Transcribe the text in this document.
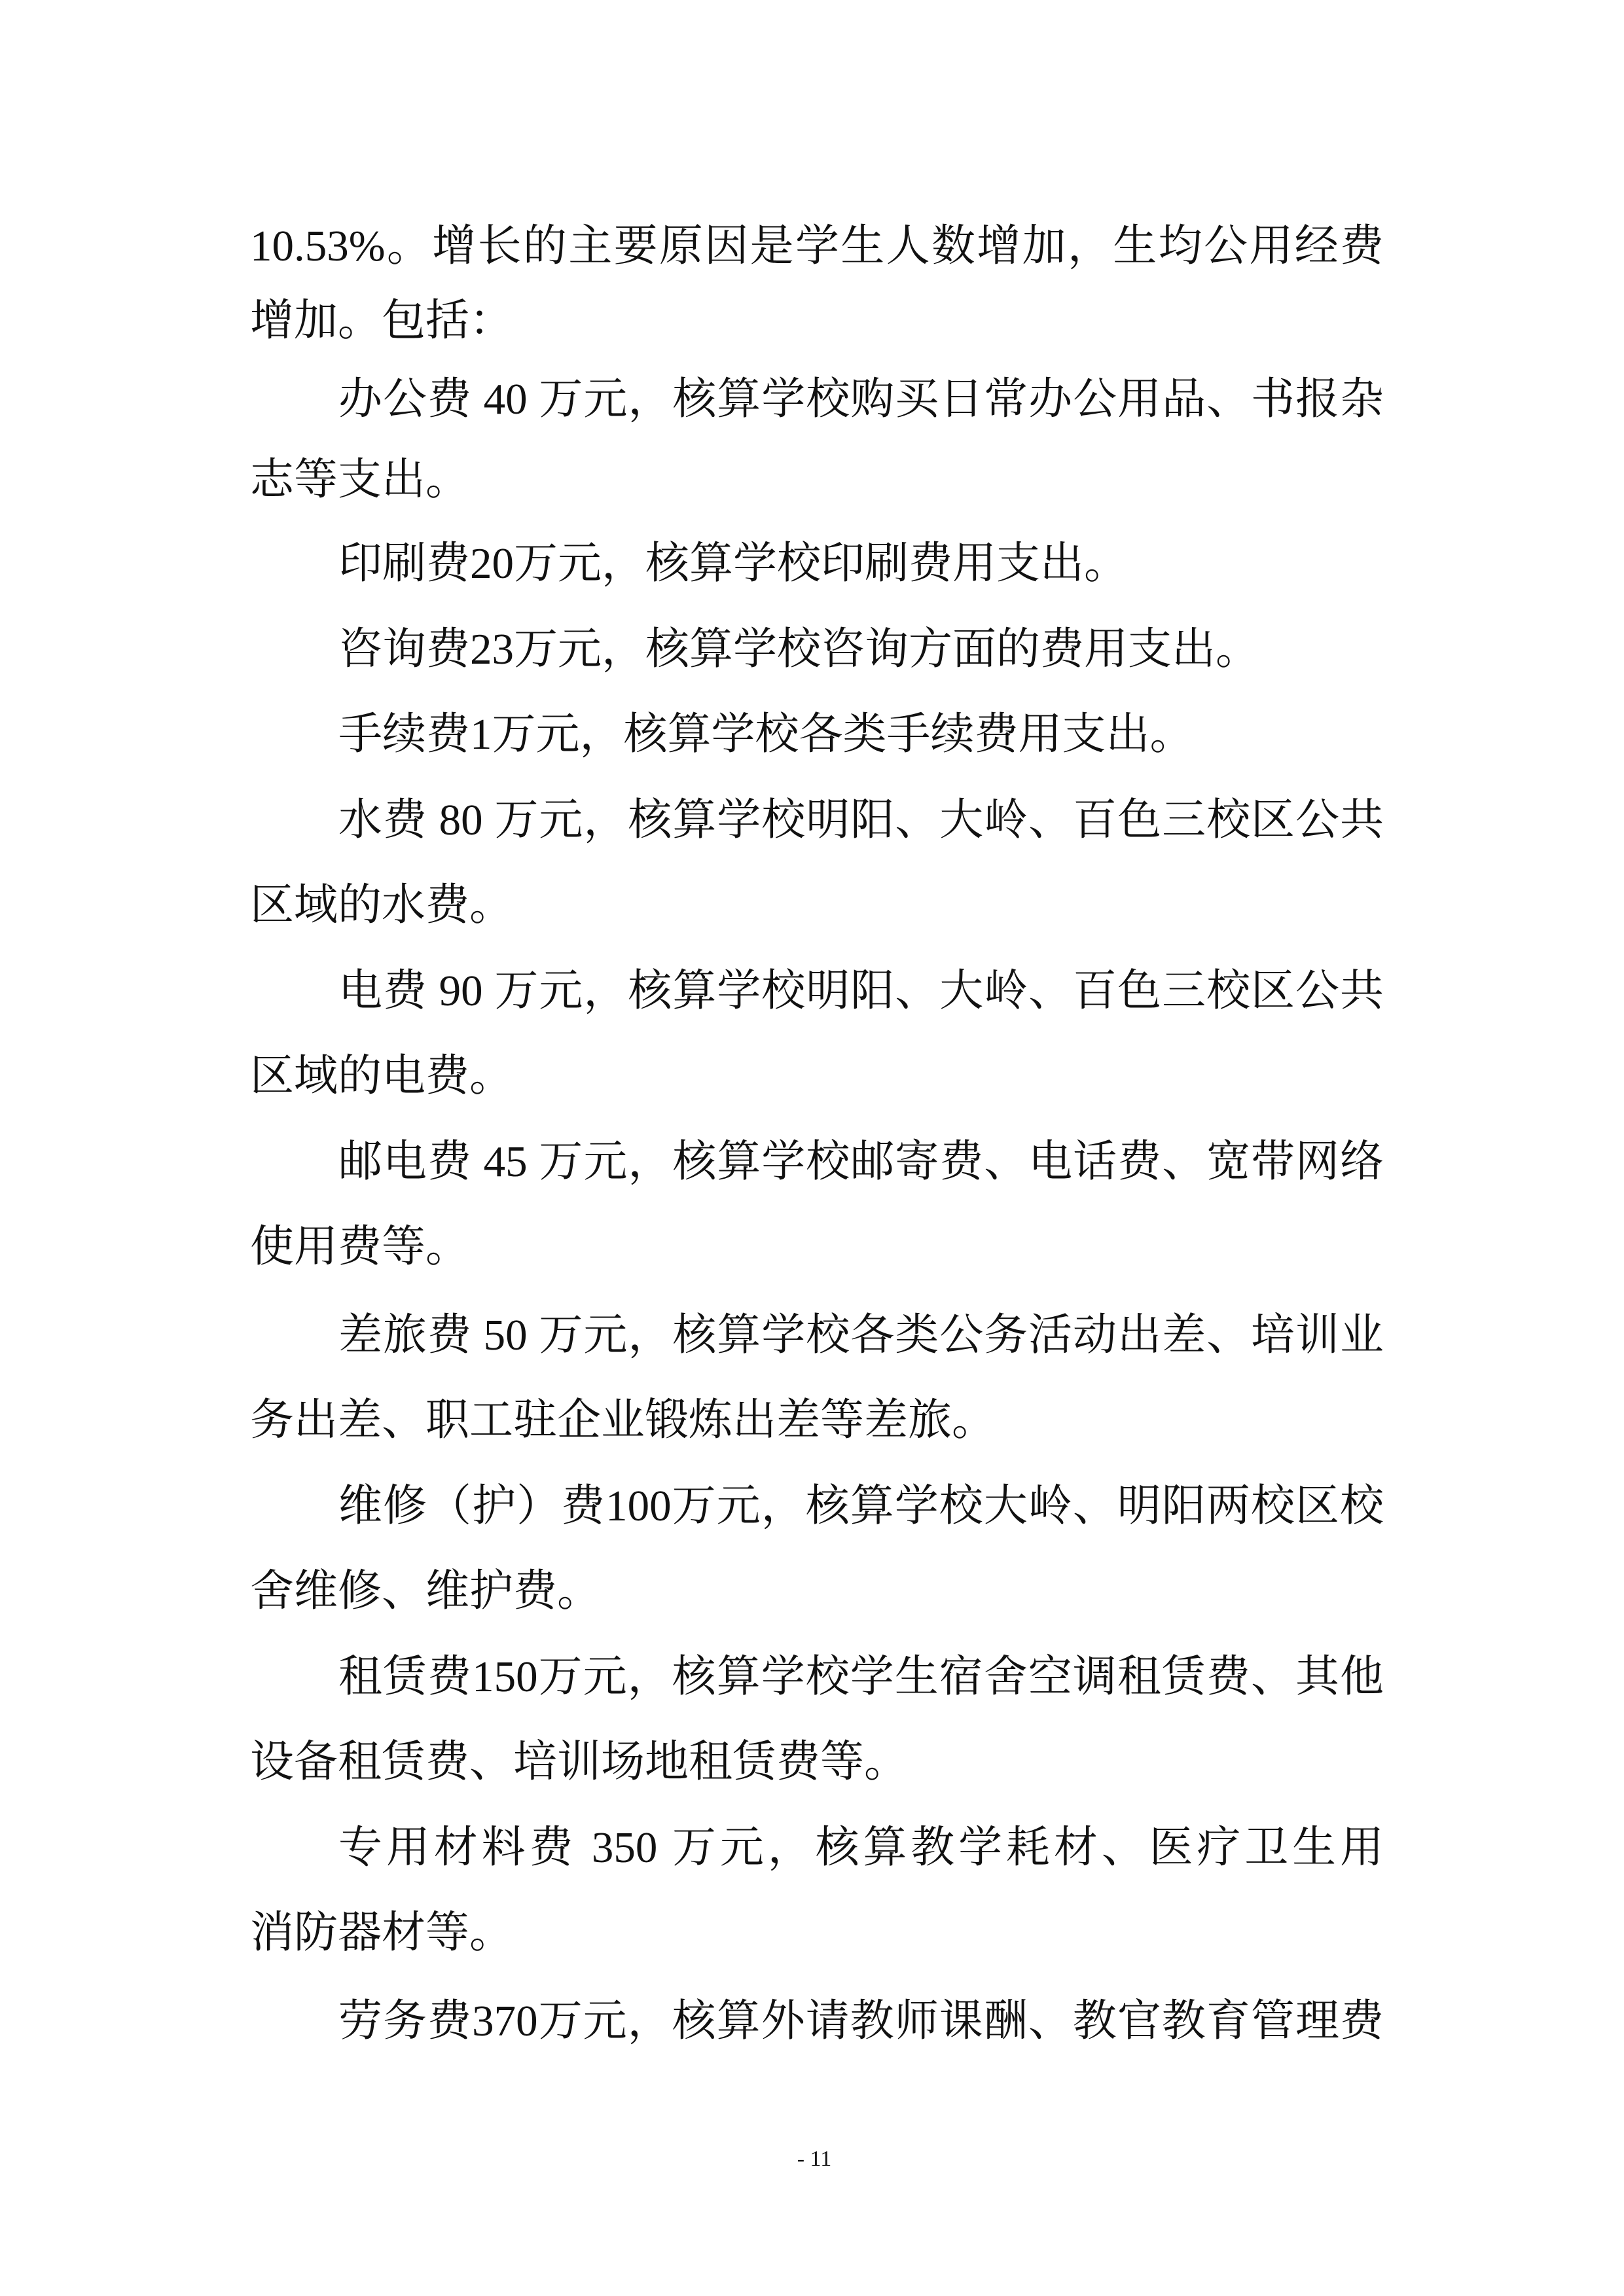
10.53%。增长的主要原因是学生人数增加，生均公用经费
增加。包括：
办公费 40 万元，核算学校购买日常办公用品、书报杂
志等支出。
印刷费20万元，核算学校印刷费用支出。
咨询费23万元，核算学校咨询方面的费用支出。
手续费1万元，核算学校各类手续费用支出。
水费 80 万元，核算学校明阳、大岭、百色三校区公共
区域的水费。
电费 90 万元，核算学校明阳、大岭、百色三校区公共
区域的电费。
邮电费 45 万元，核算学校邮寄费、电话费、宽带网络
使用费等。
差旅费 50 万元，核算学校各类公务活动出差、培训业
务出差、职工驻企业锻炼出差等差旅。
维修（护）费100万元，核算学校大岭、明阳两校区校
舍维修、维护费。
租赁费150万元，核算学校学生宿舍空调租赁费、其他
设备租赁费、培训场地租赁费等。
专用材料费 350 万元，核算教学耗材、医疗卫生用
消防器材等。
劳务费370万元，核算外请教师课酬、教官教育管理费
- 11
